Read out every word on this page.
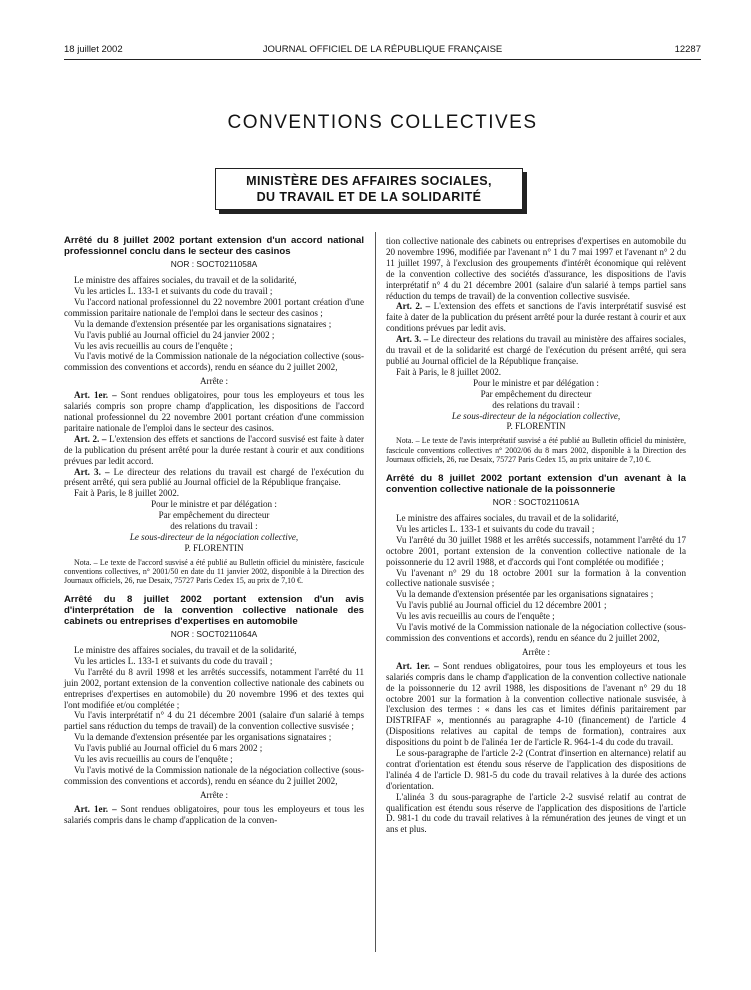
18 juillet 2002	JOURNAL OFFICIEL DE LA RÉPUBLIQUE FRANÇAISE	12287
CONVENTIONS COLLECTIVES
MINISTÈRE DES AFFAIRES SOCIALES,
DU TRAVAIL ET DE LA SOLIDARITÉ
Arrêté du 8 juillet 2002 portant extension d'un accord national professionnel conclu dans le secteur des casinos
NOR : SOCT0211058A

Le ministre des affaires sociales, du travail et de la solidarité,

Vu les articles L. 133-1 et suivants du code du travail ;

Vu l'accord national professionnel du 22 novembre 2001 portant création d'une commission paritaire nationale de l'emploi dans le secteur des casinos ;

Vu la demande d'extension présentée par les organisations signataires ;

Vu l'avis publié au Journal officiel du 24 janvier 2002 ;

Vu les avis recueillis au cours de l'enquête ;

Vu l'avis motivé de la Commission nationale de la négociation collective (sous-commission des conventions et accords), rendu en séance du 2 juillet 2002,

Arrête :

Art. 1er. – Sont rendues obligatoires, pour tous les employeurs et tous les salariés compris son propre champ d'application, les dispositions de l'accord national professionnel du 22 novembre 2001 portant création d'une commission paritaire nationale de l'emploi dans le secteur des casinos.

Art. 2. – L'extension des effets et sanctions de l'accord susvisé est faite à dater de la publication du présent arrêté pour la durée restant à courir et aux conditions prévues par ledit accord.

Art. 3. – Le directeur des relations du travail est chargé de l'exécution du présent arrêté, qui sera publié au Journal officiel de la République française.

Fait à Paris, le 8 juillet 2002.

Pour le ministre et par délégation :
Par empêchement du directeur
des relations du travail :
Le sous-directeur de la négociation collective,
P. FLORENTIN

Nota. – Le texte de l'accord susvisé a été publié au Bulletin officiel du ministère, fascicule conventions collectives, n° 2001/50 en date du 11 janvier 2002, disponible à la Direction des Journaux officiels, 26, rue Desaix, 75727 Paris Cedex 15, au prix de 7,10 €.

Arrêté du 8 juillet 2002 portant extension d'un avis d'interprétation de la convention collective nationale des cabinets ou entreprises d'expertises en automobile
NOR : SOCT0211064A

Le ministre des affaires sociales, du travail et de la solidarité,

Vu les articles L. 133-1 et suivants du code du travail ;

Vu l'arrêté du 8 avril 1998 et les arrêtés successifs, notamment l'arrêté du 11 juin 2002, portant extension de la convention collective nationale des cabinets ou entreprises d'expertises en automobile) du 20 novembre 1996 et des textes qui l'ont modifiée et/ou complétée ;

Vu l'avis interprétatif n° 4 du 21 décembre 2001 (salaire d'un salarié à temps partiel sans réduction du temps de travail) de la convention collective susvisée ;

Vu la demande d'extension présentée par les organisations signataires ;

Vu l'avis publié au Journal officiel du 6 mars 2002 ;

Vu les avis recueillis au cours de l'enquête ;

Vu l'avis motivé de la Commission nationale de la négociation collective (sous-commission des conventions et accords), rendu en séance du 2 juillet 2002,

Arrête :

Art. 1er. – Sont rendues obligatoires, pour tous les employeurs et tous les salariés compris dans le champ d'application de la conven-

tion collective nationale des cabinets ou entreprises d'expertises en automobile du 20 novembre 1996, modifiée par l'avenant n° 1 du 7 mai 1997 et l'avenant n° 2 du 11 juillet 1997, à l'exclusion des groupements d'intérêt économique qui relèvent de la convention collective des sociétés d'assurance, les dispositions de l'avis interprétatif n° 4 du 21 décembre 2001 (salaire d'un salarié à temps partiel sans réduction du temps de travail) de la convention collective susvisée.

Art. 2. – L'extension des effets et sanctions de l'avis interprétatif susvisé est faite à dater de la publication du présent arrêté pour la durée restant à courir et aux conditions prévues par ledit avis.

Art. 3. – Le directeur des relations du travail au ministère des affaires sociales, du travail et de la solidarité est chargé de l'exécution du présent arrêté, qui sera publié au Journal officiel de la République française.

Fait à Paris, le 8 juillet 2002.

Pour le ministre et par délégation :
Par empêchement du directeur
des relations du travail :
Le sous-directeur de la négociation collective,
P. FLORENTIN

Nota. – Le texte de l'avis interprétatif susvisé a été publié au Bulletin officiel du ministère, fascicule conventions collectives n° 2002/06 du 8 mars 2002, disponible à la Direction des Journaux officiels, 26, rue Desaix, 75727 Paris Cedex 15, au prix unitaire de 7,10 €.

Arrêté du 8 juillet 2002 portant extension d'un avenant à la convention collective nationale de la poissonnerie
NOR : SOCT0211061A

Le ministre des affaires sociales, du travail et de la solidarité,

Vu les articles L. 133-1 et suivants du code du travail ;

Vu l'arrêté du 30 juillet 1988 et les arrêtés successifs, notamment l'arrêté du 17 octobre 2001, portant extension de la convention collective nationale de la poissonnerie du 12 avril 1988, et d'accords qui l'ont complétée ou modifiée ;

Vu l'avenant n° 29 du 18 octobre 2001 sur la formation à la convention collective nationale susvisée ;

Vu la demande d'extension présentée par les organisations signataires ;

Vu l'avis publié au Journal officiel du 12 décembre 2001 ;

Vu les avis recueillis au cours de l'enquête ;

Vu l'avis motivé de la Commission nationale de la négociation collective (sous-commission des conventions et accords), rendu en séance du 2 juillet 2002,

Arrête :

Art. 1er. – Sont rendues obligatoires, pour tous les employeurs et tous les salariés compris dans le champ d'application de la convention collective nationale de la poissonnerie du 12 avril 1988, les dispositions de l'avenant n° 29 du 18 octobre 2001 sur la formation à la convention collective nationale susvisée, à l'exclusion des termes : « dans les cas et limites définis paritairement par DISTRIFAF », mentionnés au paragraphe 4-10 (financement) de l'article 4 (Dispositions relatives au capital de temps de formation), contraires aux dispositions du point b de l'alinéa 1er de l'article R. 964-1-4 du code du travail.

Le sous-paragraphe de l'article 2-2 (Contrat d'insertion en alternance) relatif au contrat d'orientation est étendu sous réserve de l'application des dispositions de l'alinéa 4 de l'article D. 981-5 du code du travail relatives à la durée des actions d'orientation.

L'alinéa 3 du sous-paragraphe de l'article 2-2 susvisé relatif au contrat de qualification est étendu sous réserve de l'application des dispositions de l'article D. 981-1 du code du travail relatives à la rémunération des jeunes de vingt et un ans et plus.
